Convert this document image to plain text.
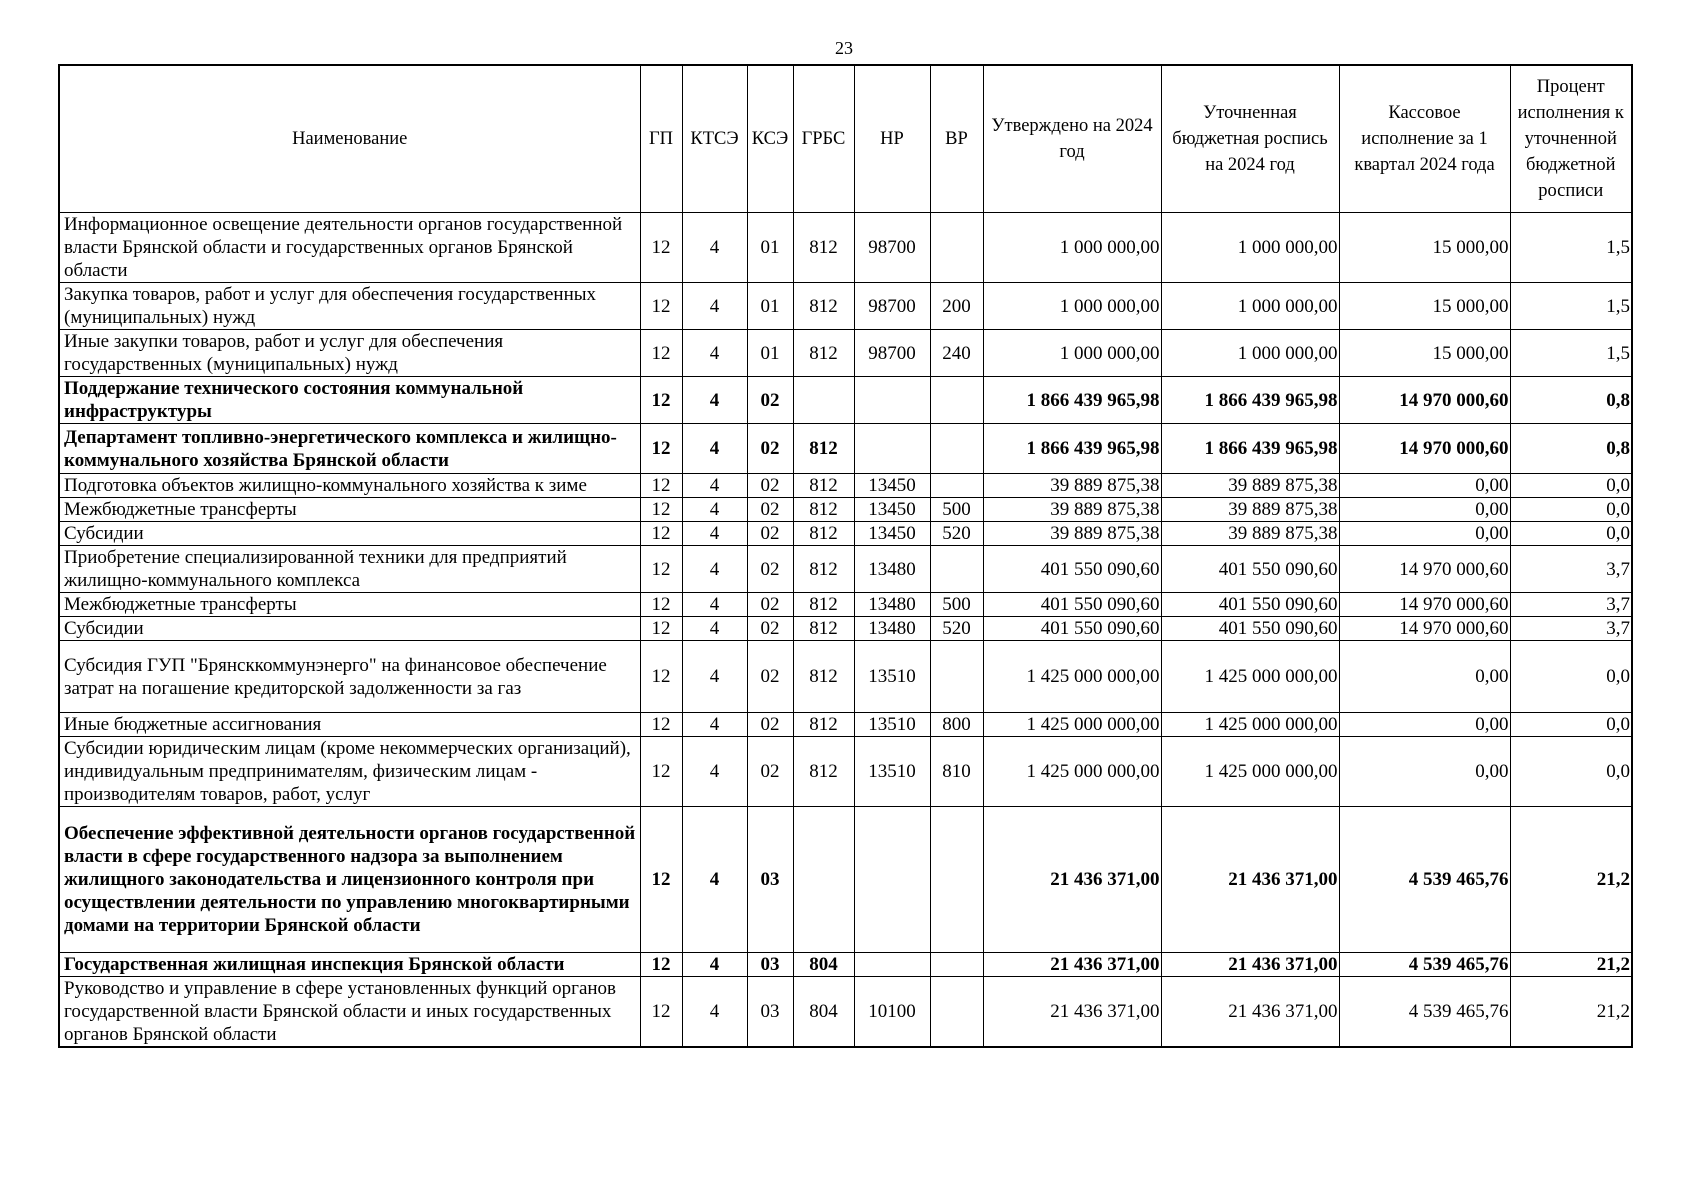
23
Наименование	ГП	КТСЭ	КСЭ	ГРБС	НР	ВР	Утверждено на 2024 год	Уточненная бюджетная роспись на 2024 год	Кассовое исполнение за 1 квартал 2024 года	Процент исполнения к уточненной бюджетной росписи
Информационное освещение деятельности органов государственной власти Брянской области и государственных органов Брянской области	12	4	01	812	98700		1 000 000,00	1 000 000,00	15 000,00	1,5
Закупка товаров, работ и услуг для обеспечения государственных (муниципальных) нужд	12	4	01	812	98700	200	1 000 000,00	1 000 000,00	15 000,00	1,5
Иные закупки товаров, работ и услуг для обеспечения государственных (муниципальных) нужд	12	4	01	812	98700	240	1 000 000,00	1 000 000,00	15 000,00	1,5
Поддержание технического состояния коммунальной инфраструктуры	12	4	02				1 866 439 965,98	1 866 439 965,98	14 970 000,60	0,8
Департамент топливно-энергетического комплекса и жилищно-коммунального хозяйства Брянской области	12	4	02	812			1 866 439 965,98	1 866 439 965,98	14 970 000,60	0,8
Подготовка объектов жилищно-коммунального хозяйства к зиме	12	4	02	812	13450		39 889 875,38	39 889 875,38	0,00	0,0
Межбюджетные трансферты	12	4	02	812	13450	500	39 889 875,38	39 889 875,38	0,00	0,0
Субсидии	12	4	02	812	13450	520	39 889 875,38	39 889 875,38	0,00	0,0
Приобретение специализированной техники для предприятий жилищно-коммунального комплекса	12	4	02	812	13480		401 550 090,60	401 550 090,60	14 970 000,60	3,7
Межбюджетные трансферты	12	4	02	812	13480	500	401 550 090,60	401 550 090,60	14 970 000,60	3,7
Субсидии	12	4	02	812	13480	520	401 550 090,60	401 550 090,60	14 970 000,60	3,7
Субсидия ГУП "Брянсккоммунэнерго" на финансовое обеспечение затрат на погашение кредиторской задолженности за газ	12	4	02	812	13510		1 425 000 000,00	1 425 000 000,00	0,00	0,0
Иные бюджетные ассигнования	12	4	02	812	13510	800	1 425 000 000,00	1 425 000 000,00	0,00	0,0
Субсидии юридическим лицам (кроме некоммерческих организаций), индивидуальным предпринимателям, физическим лицам - производителям товаров, работ, услуг	12	4	02	812	13510	810	1 425 000 000,00	1 425 000 000,00	0,00	0,0
Обеспечение эффективной деятельности органов государственной власти в сфере государственного надзора за выполнением жилищного законодательства и лицензионного контроля при осуществлении деятельности по управлению многоквартирными домами на территории Брянской области	12	4	03				21 436 371,00	21 436 371,00	4 539 465,76	21,2
Государственная жилищная инспекция Брянской области	12	4	03	804			21 436 371,00	21 436 371,00	4 539 465,76	21,2
Руководство и управление в сфере установленных функций органов государственной власти Брянской области и иных государственных органов Брянской области	12	4	03	804	10100		21 436 371,00	21 436 371,00	4 539 465,76	21,2
